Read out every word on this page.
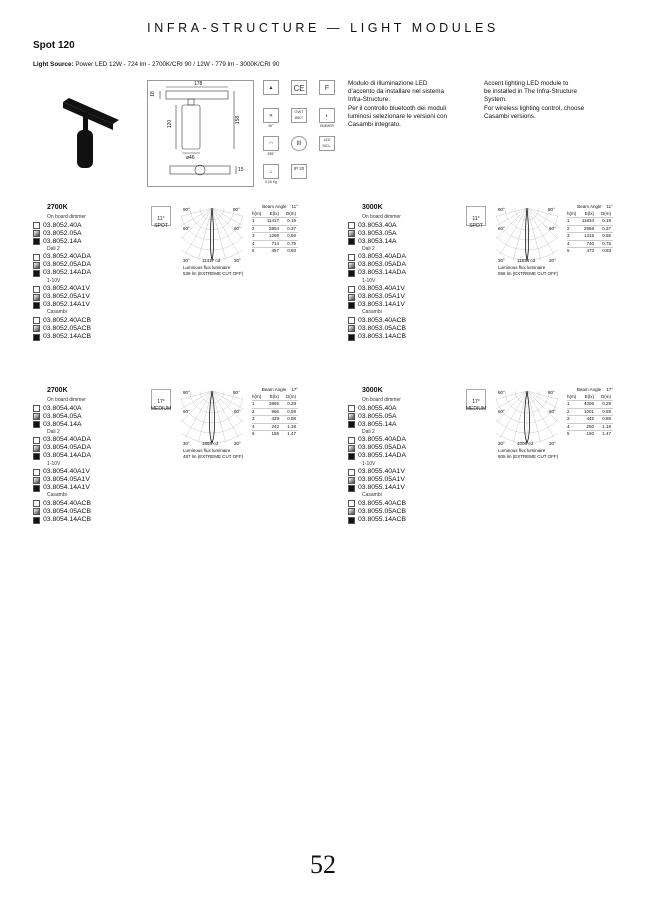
INFRA-STRUCTURE — LIGHT MODULES
Spot 120
Light Source: Power LED 12W - 724 lm - 2700K/CRI 90 / 12W - 779 lm - 3000K/CRI 90
178
18
120	158
ø46
15
▲	CE	F
✕
90°
GWT 850°	◐
DIMMER
◠
355°
III
LED INCL.
⌂
0,26 Kg
IP 20
Modulo di illuminazione LED
d'accento da installare nel sistema
Infra-Structure.
Per il controllo bluetooth dei moduli
luminosi selezionare le versioni con
Casambi integrato.
Accent lighting LED module to
be installed in The Infra-Structure
System.
For wireless lighting control, choose
Casambi versions.
2700K
On board dimmer
03.8052.40A
03.8052.05A
03.8052.14A
Dali 2
03.8052.40ADA
03.8052.05ADA
03.8052.14ADA
1-10V
03.8052.40A1V
03.8052.05A1V
03.8052.14A1V
Casambi
03.8052.40ACB
03.8052.05ACB
03.8052.14ACB
11°
SPOT
90°	90°
60°	60°
30°	30°
11417 cd
Luminous flux luminaire
539 lm (EXTREME CUT OFF)
Beam Angle    11°
h(m)	E(lx)	D(m)
1	11417	0.19
2	2854	0.37
3	1269	0.56
4	714	0.75
5	457	0.93
3000K
On board dimmer
03.8053.40A
03.8053.05A
03.8053.14A
Dali 2
03.8053.40ADA
03.8053.05ADA
03.8053.14ADA
1-10V
03.8053.40A1V
03.8053.05A1V
03.8053.14A1V
Casambi
03.8053.40ACB
03.8053.05ACB
03.8053.14ACB
11°
SPOT
90°	90°
60°	60°
30°	30°
11834 cd
Luminous flux luminaire
558 lm (EXTREME CUT OFF)
Beam Angle    11°
h(m)	E(lx)	D(m)
1	11834	0.19
2	2958	0.37
3	1315	0.56
4	740	0.75
5	473	0.93
2700K
On board dimmer
03.8054.40A
03.8054.05A
03.8054.14A
Dali 2
03.8054.40ADA
03.8054.05ADA
03.8054.14ADA
1-10V
03.8054.40A1V
03.8054.05A1V
03.8054.14A1V
Casambi
03.8054.40ACB
03.8054.05ACB
03.8054.14ACB
17°
MEDIUM
90°	90°
60°	60°
30°	30°
3865 cd
Luminous flux luminaire
487 lm (EXTREME CUT OFF)
Beam Angle    17°
h(m)	E(lx)	D(m)
1	3865	0.29
2	966	0.59
3	429	0.88
4	242	1.18
5	155	1.47
3000K
On board dimmer
03.8055.40A
03.8055.05A
03.8055.14A
Dali 2
03.8055.40ADA
03.8055.05ADA
03.8055.14ADA
1-10V
03.8055.40A1V
03.8055.05A1V
03.8055.14A1V
Casambi
03.8055.40ACB
03.8055.05ACB
03.8055.14ACB
17°
MEDIUM
90°	90°
60°	60°
30°	30°
4006 cd
Luminous flux luminaire
505 lm (EXTREME CUT OFF)
Beam Angle    17°
h(m)	E(lx)	D(m)
1	4006	0.29
2	1001	0.59
3	445	0.88
4	250	1.18
5	160	1.47
52
